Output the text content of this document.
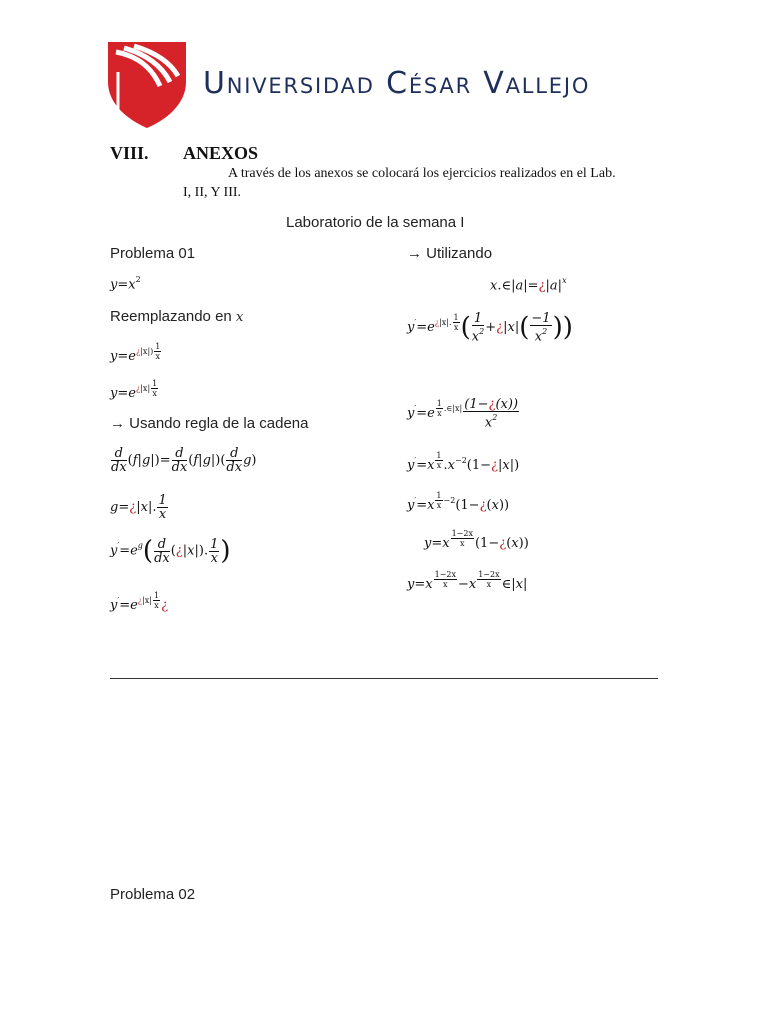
Universidad César Vallejo
VIII. ANEXOS
A través de los anexos se colocará los ejercicios realizados en el Lab.
I, II, Y III.
Laboratorio de la semana I
Problema 01
$y=x^2$
Reemplazando en x
$y=e^{¿|x|) \frac{1}{x}}$
$y=e^{¿|x| \frac{1}{x}}$
→ Usando regla de la cadena
$\frac{d}{dx} (f|g|)= \frac{d}{dx} (f|g|)( \frac{d}{dx} g)$
g=¿|x|. $\frac{1}{x}$
$y'=e^g( \frac{d}{dx}$ (¿|x|). $\frac{1}{x}$ )
$y'=e^{¿|x| \frac{1}{x}}$ ¿
→ Utilizando
$x.\in|a|=¿|a|^x$
$y'=e^{¿|x|. \frac{1}{x}}$ ( $\frac{1}{x^2}$ +¿|x|( $\frac{-1}{x^2}$ ))
y′=e $^{\frac{1}{x} .\in|x|} \frac{(1-¿(x))}{x^2}$
y′=x $^{\frac{1}{x}}$ $.x^{-2}(1-¿|x|)$
y′=x $^{\frac{1}{x} -2}$(1−¿(x))
y=x $^{\frac{1-2x}{x}}$ (1−¿(x))
y=x $^{\frac{1-2x}{x}}$ −x $^{\frac{1-2x}{x}}$ ∈|x|
Problema 02
